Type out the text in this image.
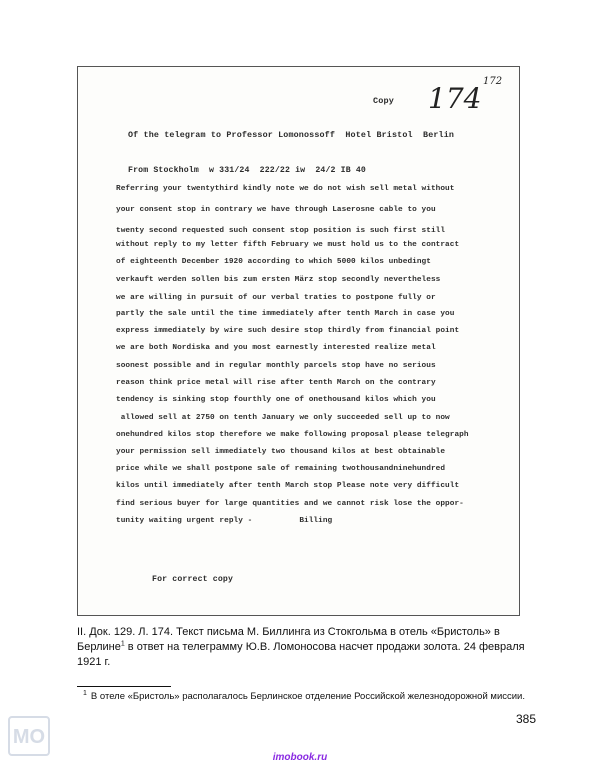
Copy 174
172
Of the telegram to Professor Lomonossoff  Hotel Bristol  Berlin
From Stockholm  w 331/24  222/22 iw  24/2 IB 40
Referring your twentythird kindly note we do not wish sell metal without
your consent stop in contrary we have through Laserosne cable to you
twenty second requested such consent stop position is such first still
without reply to my letter fifth February we must hold us to the contract
of eighteenth December 1920 according to which 5000 kilos unbedingt
verkauft werden sollen bis zum ersten März stop secondly nevertheless
we are willing in pursuit of our verbal traties to postpone fully or
partly the sale until the time immediately after tenth March in case you
express immediately by wire such desire stop thirdly from financial point
we are both Nordiska and you most earnestly interested realize metal
soonest possible and in regular monthly parcels stop have no serious
reason think price metal will rise after tenth March on the contrary
tendency is sinking stop fourthly one of onethousand kilos which you
allowed sell at 2750 on tenth January we only succeeded sell up to now
onehundred kilos stop therefore we make following proposal please telegraph
your permission sell immediately two thousand kilos at best obtainable
price while we shall postpone sale of remaining twothousandninehundred
kilos until immediately after tenth March stop Please note very difficult
find serious buyer for large quantities and we cannot risk lose the oppor-
tunity waiting urgent reply -          Billing
For correct copy
II. Док. 129. Л. 174. Текст письма М. Биллинга из Стокгольма в отель «Бристоль» в Берлине$^1$ в ответ на телеграмму Ю.В. Ломоносова насчет продажи золота. 24 февраля 1921 г.
$^1$ В отеле «Бристоль» располагалось Берлинское отделение Российской железнодорожной миссии.
385
MO
imobook.ru
